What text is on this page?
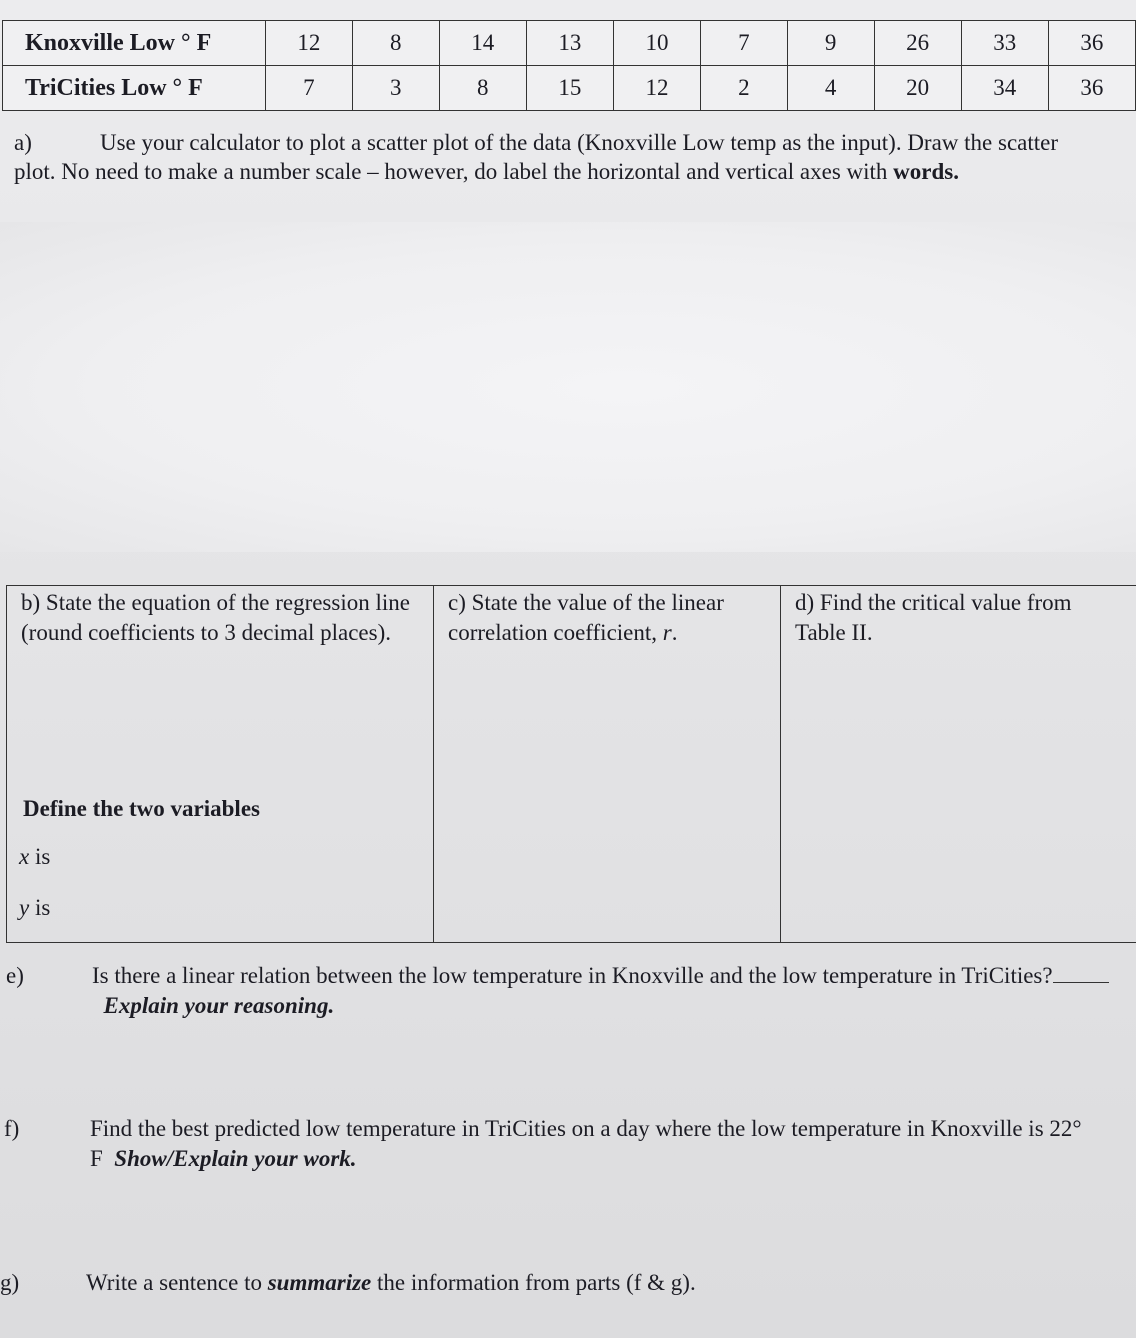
Knoxville Low ° F	12	8	14	13	10	7	9	26	33	36
TriCities Low ° F	7	3	8	15	12	2	4	20	34	36
a)	Use your calculator to plot a scatter plot of the data (Knoxville Low temp as the input). Draw the scatter plot. No need to make a number scale – however, do label the horizontal and vertical axes with words.
b) State the equation of the regression line (round coefficients to 3 decimal places).
Define the two variables
x is
y is
c) State the value of the linear correlation coefficient, r.
d) Find the critical value from Table II.
e)	Is there a linear relation between the low temperature in Knoxville and the low temperature in TriCities?  Explain your reasoning.
f)	Find the best predicted low temperature in TriCities on a day where the low temperature in Knoxville is 22° F Show/Explain your work.
g)	Write a sentence to summarize the information from parts (f & g).
